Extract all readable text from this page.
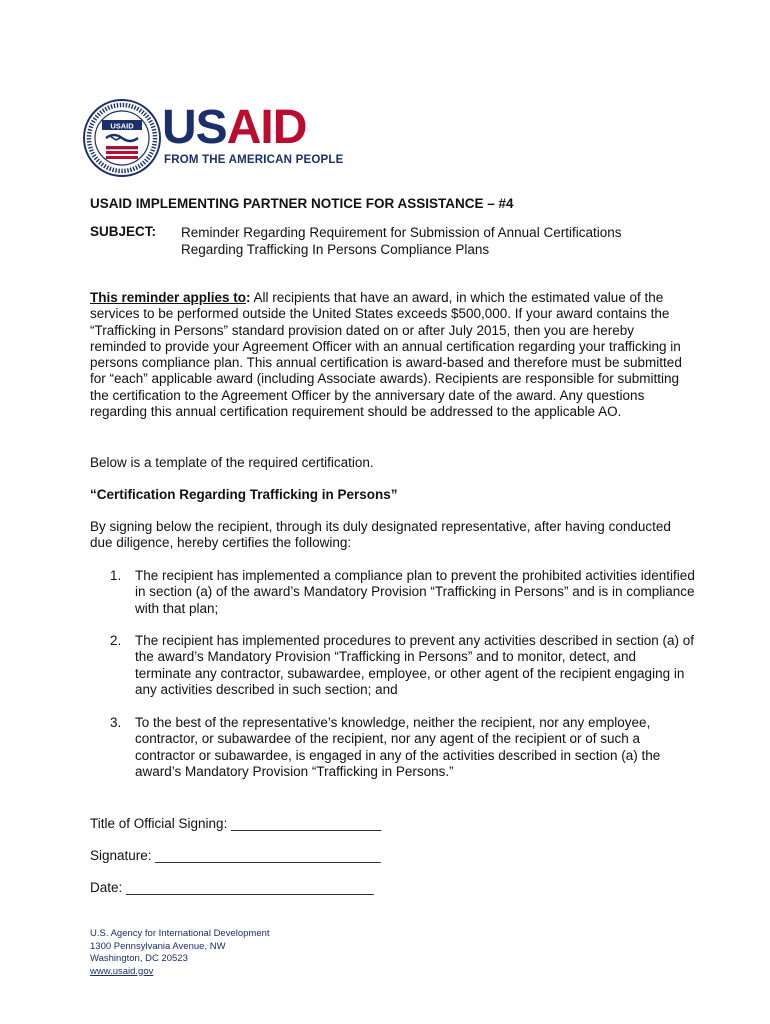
USAID USAID
FROM THE AMERICAN PEOPLE
USAID IMPLEMENTING PARTNER NOTICE FOR ASSISTANCE – #4
SUBJECT: Reminder Regarding Requirement for Submission of Annual Certifications
Regarding Trafficking In Persons Compliance Plans
This reminder applies to: All recipients that have an award, in which the estimated value of the services to be performed outside the United States exceeds $500,000. If your award contains the “Trafficking in Persons” standard provision dated on or after July 2015, then you are hereby reminded to provide your Agreement Officer with an annual certification regarding your trafficking in persons compliance plan. This annual certification is award-based and therefore must be submitted for “each” applicable award (including Associate awards). Recipients are responsible for submitting the certification to the Agreement Officer by the anniversary date of the award. Any questions regarding this annual certification requirement should be addressed to the applicable AO.
Below is a template of the required certification.
“Certification Regarding Trafficking in Persons”
By signing below the recipient, through its duly designated representative, after having conducted due diligence, hereby certifies the following:
1. The recipient has implemented a compliance plan to prevent the prohibited activities identified in section (a) of the award’s Mandatory Provision “Trafficking in Persons” and is in compliance with that plan;
2. The recipient has implemented procedures to prevent any activities described in section (a) of the award’s Mandatory Provision “Trafficking in Persons” and to monitor, detect, and terminate any contractor, subawardee, employee, or other agent of the recipient engaging in any activities described in such section; and
3. To the best of the representative’s knowledge, neither the recipient, nor any employee, contractor, or subawardee of the recipient, nor any agent of the recipient or of such a contractor or subawardee, is engaged in any of the activities described in section (a) the award’s Mandatory Provision “Trafficking in Persons.”
Title of Official Signing: ____________________
Signature: ______________________________
Date: _________________________________
U.S. Agency for International Development
1300 Pennsylvania Avenue, NW
Washington, DC 20523
www.usaid.gov
